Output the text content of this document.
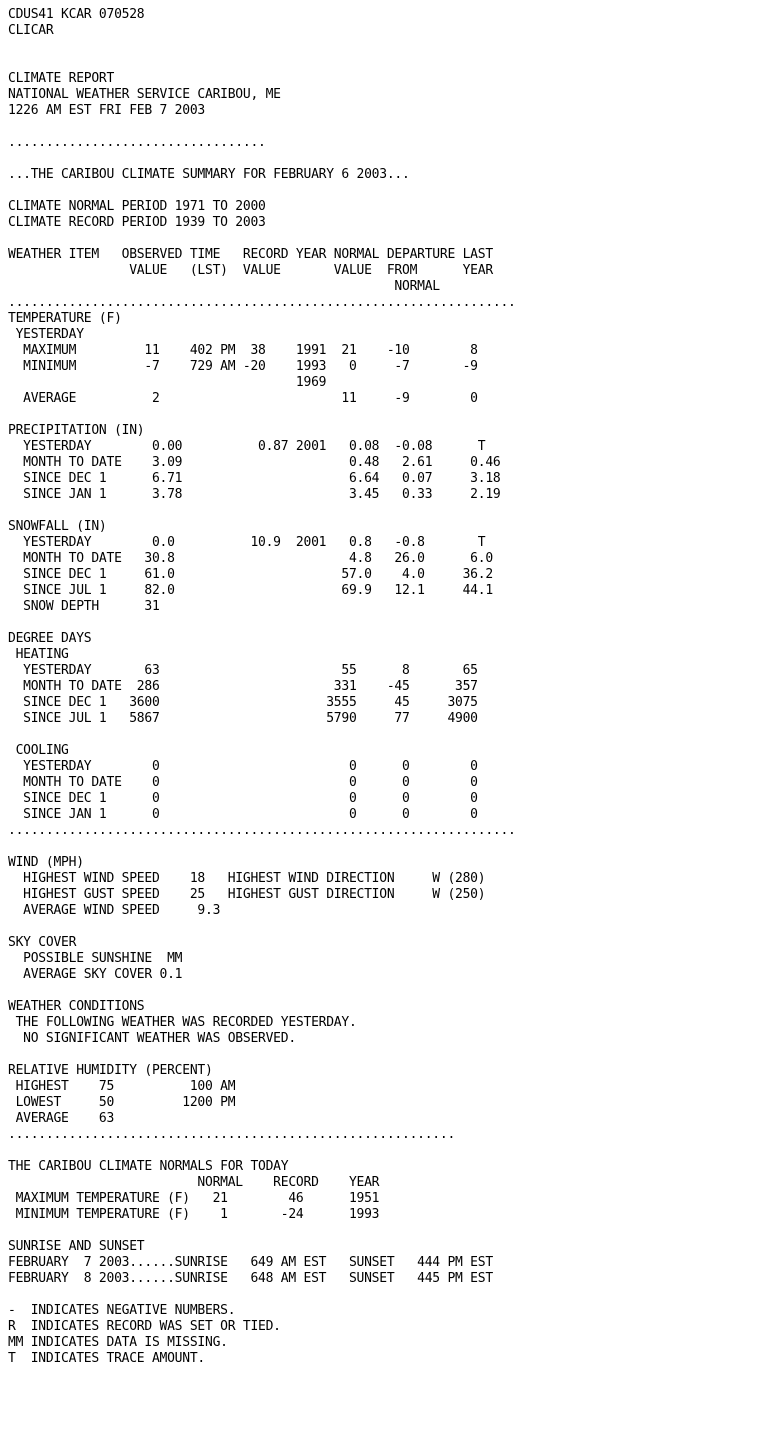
CDUS41 KCAR 070528
CLICAR
CLIMATE REPORT
NATIONAL WEATHER SERVICE CARIBOU, ME
1226 AM EST FRI FEB 7 2003
..................................
...THE CARIBOU CLIMATE SUMMARY FOR FEBRUARY 6 2003...
CLIMATE NORMAL PERIOD 1971 TO 2000
CLIMATE RECORD PERIOD 1939 TO 2003
WEATHER ITEM   OBSERVED TIME   RECORD YEAR NORMAL DEPARTURE LAST
VALUE   (LST)  VALUE       VALUE  FROM      YEAR
NORMAL
...................................................................
TEMPERATURE (F)
YESTERDAY
MAXIMUM         11    402 PM  38    1991  21    -10        8
MINIMUM         -7    729 AM -20    1993   0     -7       -9
1969
AVERAGE          2                        11     -9        0
PRECIPITATION (IN)
YESTERDAY        0.00          0.87 2001   0.08  -0.08      T
MONTH TO DATE    3.09                      0.48   2.61     0.46
SINCE DEC 1      6.71                      6.64   0.07     3.18
SINCE JAN 1      3.78                      3.45   0.33     2.19
SNOWFALL (IN)
YESTERDAY        0.0          10.9  2001   0.8   -0.8       T
MONTH TO DATE   30.8                       4.8   26.0      6.0
SINCE DEC 1     61.0                      57.0    4.0     36.2
SINCE JUL 1     82.0                      69.9   12.1     44.1
SNOW DEPTH      31
DEGREE DAYS
HEATING
YESTERDAY       63                        55      8       65
MONTH TO DATE  286                       331    -45      357
SINCE DEC 1   3600                      3555     45     3075
SINCE JUL 1   5867                      5790     77     4900
COOLING
YESTERDAY        0                         0      0        0
MONTH TO DATE    0                         0      0        0
SINCE DEC 1      0                         0      0        0
SINCE JAN 1      0                         0      0        0
...................................................................
WIND (MPH)
HIGHEST WIND SPEED    18   HIGHEST WIND DIRECTION     W (280)
HIGHEST GUST SPEED    25   HIGHEST GUST DIRECTION     W (250)
AVERAGE WIND SPEED     9.3
SKY COVER
POSSIBLE SUNSHINE  MM
AVERAGE SKY COVER 0.1
WEATHER CONDITIONS
THE FOLLOWING WEATHER WAS RECORDED YESTERDAY.
NO SIGNIFICANT WEATHER WAS OBSERVED.
RELATIVE HUMIDITY (PERCENT)
HIGHEST    75          100 AM
LOWEST     50         1200 PM
AVERAGE    63
...........................................................
THE CARIBOU CLIMATE NORMALS FOR TODAY
NORMAL    RECORD    YEAR
MAXIMUM TEMPERATURE (F)   21        46      1951
MINIMUM TEMPERATURE (F)    1       -24      1993
SUNRISE AND SUNSET
FEBRUARY  7 2003......SUNRISE   649 AM EST   SUNSET   444 PM EST
FEBRUARY  8 2003......SUNRISE   648 AM EST   SUNSET   445 PM EST
-  INDICATES NEGATIVE NUMBERS.
R  INDICATES RECORD WAS SET OR TIED.
MM INDICATES DATA IS MISSING.
T  INDICATES TRACE AMOUNT.
